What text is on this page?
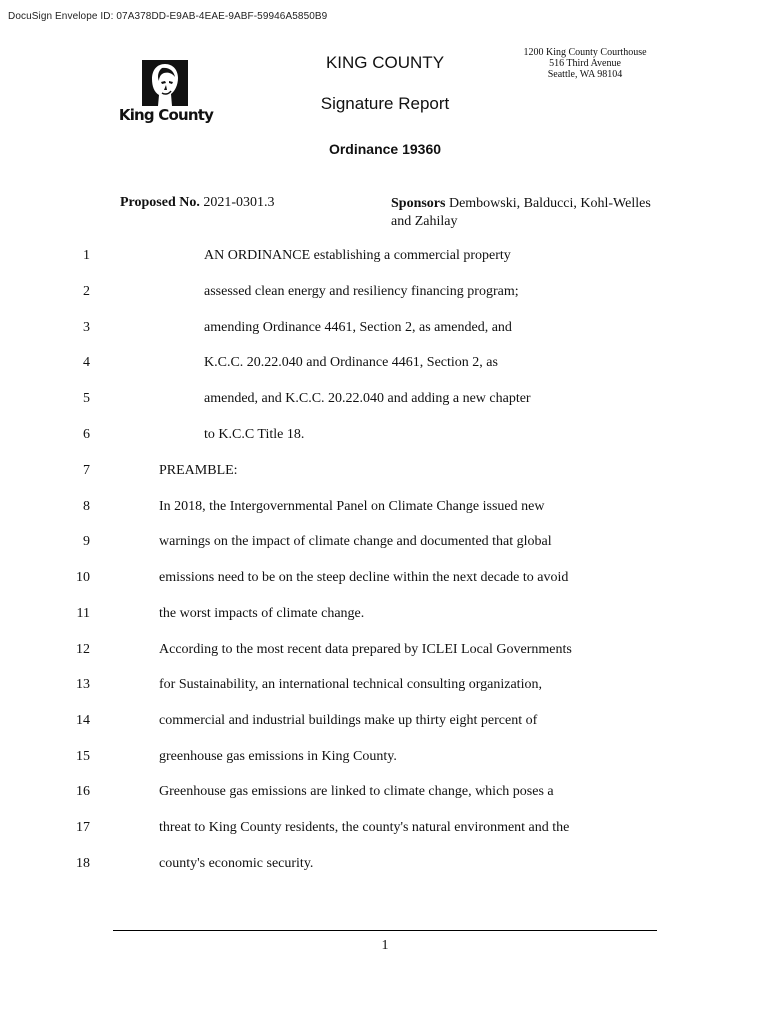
DocuSign Envelope ID: 07A378DD-E9AB-4EAE-9ABF-59946A5850B9
King County
KING COUNTY
1200 King County Courthouse
516 Third Avenue
Seattle, WA 98104
Signature Report
Ordinance 19360
Proposed No. 2021-0301.3	Sponsors Dembowski, Balducci, Kohl-Welles and Zahilay
1	AN ORDINANCE establishing a commercial property
2	assessed clean energy and resiliency financing program;
3	amending Ordinance 4461, Section 2, as amended, and
4	K.C.C. 20.22.040 and Ordinance 4461, Section 2, as
5	amended, and K.C.C. 20.22.040 and adding a new chapter
6	to K.C.C Title 18.
7	PREAMBLE:
8	In 2018, the Intergovernmental Panel on Climate Change issued new
9	warnings on the impact of climate change and documented that global
10	emissions need to be on the steep decline within the next decade to avoid
11	the worst impacts of climate change.
12	According to the most recent data prepared by ICLEI Local Governments
13	for Sustainability, an international technical consulting organization,
14	commercial and industrial buildings make up thirty eight percent of
15	greenhouse gas emissions in King County.
16	Greenhouse gas emissions are linked to climate change, which poses a
17	threat to King County residents, the county's natural environment and the
18	county's economic security.
1
